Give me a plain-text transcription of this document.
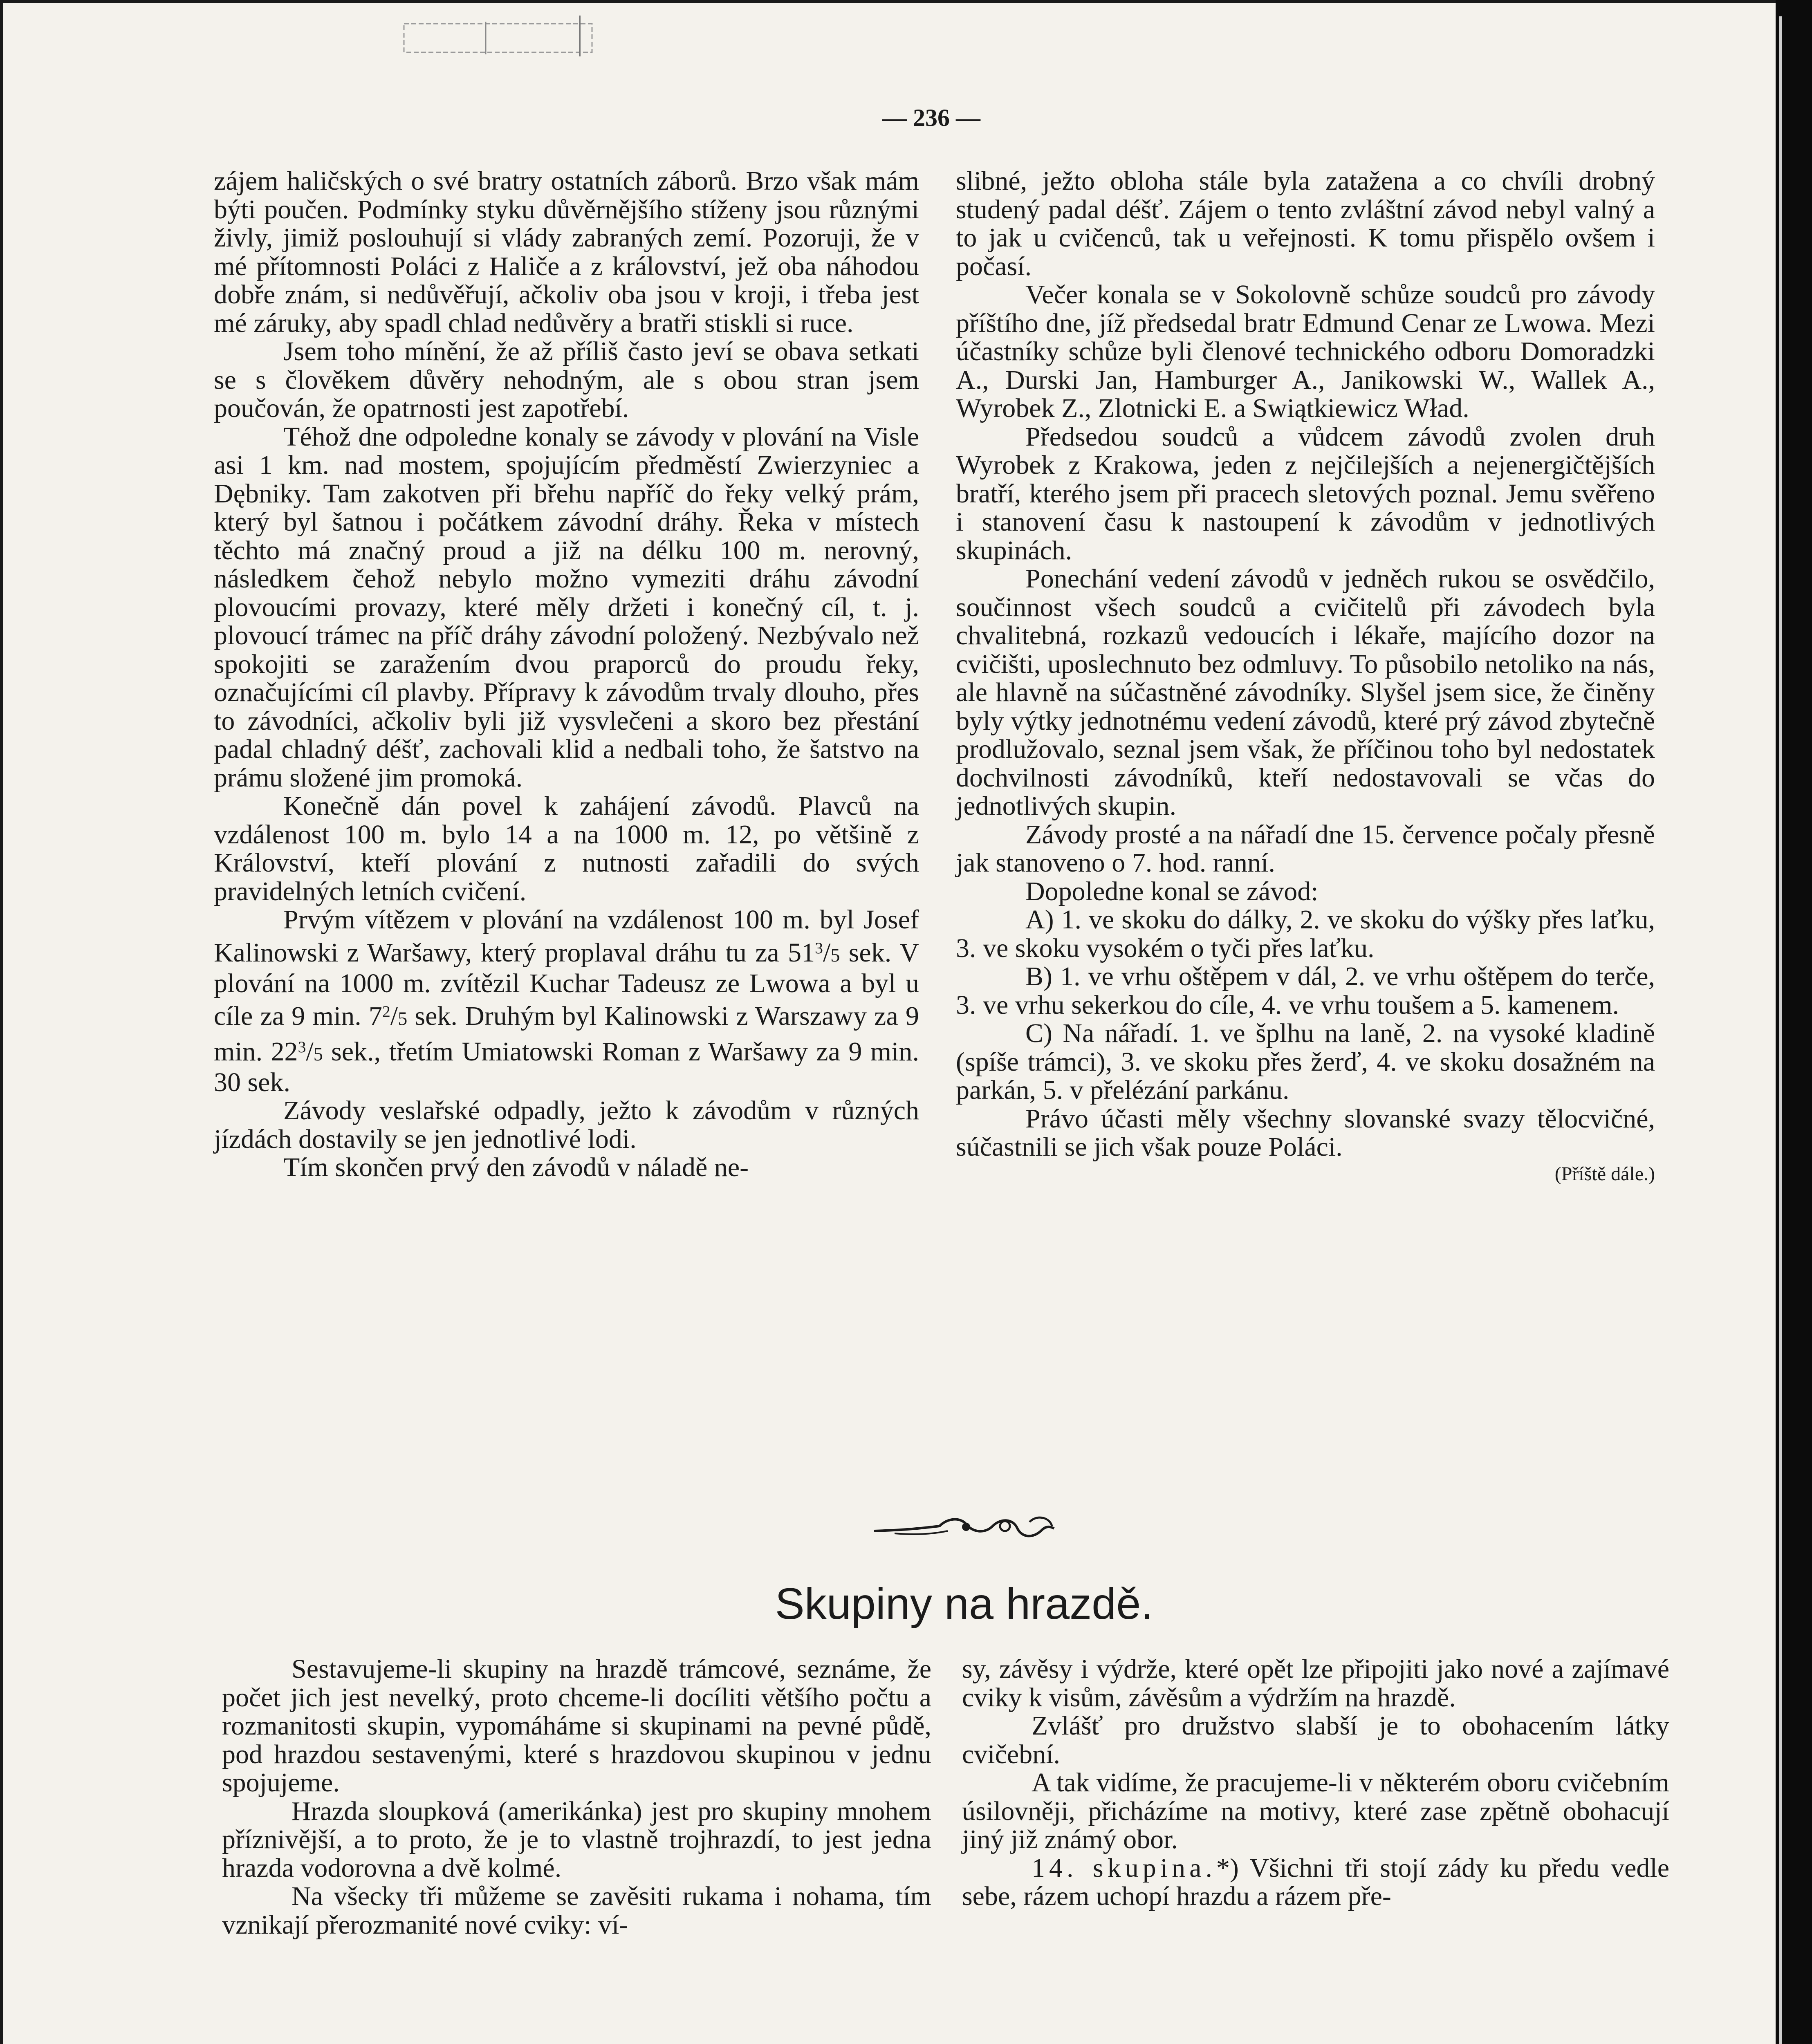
— 236 —

zájem haličských o své bratry ostatních záborů. Brzo však mám býti poučen. Podmínky styku důvěrnějšího stíženy jsou různými živly, jimiž poslouhují si vlády zabraných zemí. Pozoruji, že v mé přítomnosti Poláci z Haliče a z království, jež oba náhodou dobře znám, si nedůvěřují, ačkoliv oba jsou v kroji, i třeba jest mé záruky, aby spadl chlad nedůvěry a bratři stiskli si ruce.

Jsem toho mínění, že až příliš často jeví se obava setkati se s člověkem důvěry nehodným, ale s obou stran jsem poučován, že opatrnosti jest zapotřebí.

Téhož dne odpoledne konaly se závody v plování na Visle asi 1 km. nad mostem, spojujícím předměstí Zwierzyniec a Dębniky. Tam zakotven při břehu napříč do řeky velký prám, který byl šatnou i počátkem závodní dráhy. Řeka v místech těchto má značný proud a již na délku 100 m. nerovný, následkem čehož nebylo možno vymeziti dráhu závodní plovoucími provazy, které měly držeti i konečný cíl, t. j. plovoucí trámec na příč dráhy závodní položený. Nezbývalo než spokojiti se zaražením dvou praporců do proudu řeky, označujícími cíl plavby. Přípravy k závodům trvaly dlouho, přes to závodníci, ačkoliv byli již vysvlečeni a skoro bez přestání padal chladný déšť, zachovali klid a nedbali toho, že šatstvo na prámu složené jim promoká.

Konečně dán povel k zahájení závodů. Plavců na vzdálenost 100 m. bylo 14 a na 1000 m. 12, po většině z Království, kteří plování z nutnosti zařadili do svých pravidelných letních cvičení.

Prvým vítězem v plování na vzdálenost 100 m. byl Josef Kalinowski z Waršawy, který proplaval dráhu tu za $51^3/5$ sek. V plování na 1000 m. zvítězil Kuchar Tadeusz ze Lwowa a byl u cíle za 9 min. $7^2/5$ sek. Druhým byl Kalinowski z Warszawy za 9 min. $22^3/5$ sek., třetím Umiatowski Roman z Waršawy za 9 min. 30 sek.

Závody veslařské odpadly, ježto k závodům v různých jízdách dostavily se jen jednotlivé lodi.

Tím skončen prvý den závodů v náladě ne-

slibné, ježto obloha stále byla zatažena a co chvíli drobný studený padal déšť. Zájem o tento zvláštní závod nebyl valný a to jak u cvičenců, tak u veřejnosti. K tomu přispělo ovšem i počasí.

Večer konala se v Sokolovně schůze soudců pro závody příštího dne, jíž předsedal bratr Edmund Cenar ze Lwowa. Mezi účastníky schůze byli členové technického odboru Domoradzki A., Durski Jan, Hamburger A., Janikowski W., Wallek A., Wyrobek Z., Zlotnicki E. a Swiątkiewicz Wład.

Předsedou soudců a vůdcem závodů zvolen druh Wyrobek z Krakowa, jeden z nejčilejších a nejenergičtějších bratří, kterého jsem při pracech sletových poznal. Jemu svěřeno i stanovení času k nastoupení k závodům v jednotlivých skupinách.

Ponechání vedení závodů v jedněch rukou se osvědčilo, součinnost všech soudců a cvičitelů při závodech byla chvalitebná, rozkazů vedoucích i lékaře, majícího dozor na cvičišti, uposlechnuto bez odmluvy. To působilo netoliko na nás, ale hlavně na súčastněné závodníky. Slyšel jsem sice, že činěny byly výtky jednotnému vedení závodů, které prý závod zbytečně prodlužovalo, seznal jsem však, že příčinou toho byl nedostatek dochvilnosti závodníků, kteří nedostavovali se včas do jednotlivých skupin.

Závody prosté a na nářadí dne 15. července počaly přesně jak stanoveno o 7. hod. ranní.

Dopoledne konal se závod:

A) 1. ve skoku do dálky, 2. ve skoku do výšky přes laťku, 3. ve skoku vysokém o tyči přes laťku.

B) 1. ve vrhu oštěpem v dál, 2. ve vrhu oštěpem do terče, 3. ve vrhu sekerkou do cíle, 4. ve vrhu toušem a 5. kamenem.

C) Na nářadí. 1. ve šplhu na laně, 2. na vysoké kladině (spíše trámci), 3. ve skoku přes žerď, 4. ve skoku dosažném na parkán, 5. v přelézání parkánu.

Právo účasti měly všechny slovanské svazy tělocvičné, súčastnili se jich však pouze Poláci.

(Příště dále.)

Skupiny na hrazdě.

Sestavujeme-li skupiny na hrazdě trámcové, seznáme, že počet jich jest nevelký, proto chceme-li docíliti většího počtu a rozmanitosti skupin, vypomáháme si skupinami na pevné půdě, pod hrazdou sestavenými, které s hrazdovou skupinou v jednu spojujeme.

Hrazda sloupková (amerikánka) jest pro skupiny mnohem příznivější, a to proto, že je to vlastně trojhrazdí, to jest jedna hrazda vodorovna a dvě kolmé.

Na všecky tři můžeme se zavěsiti rukama i nohama, tím vznikají přerozmanité nové cviky: ví-

sy, závěsy i výdrže, které opět lze připojiti jako nové a zajímavé cviky k visům, závěsům a výdržím na hrazdě.

Zvlášť pro družstvo slabší je to obohacením látky cvičební.

A tak vidíme, že pracujeme-li v některém oboru cvičebním úsilovněji, přicházíme na motivy, které zase zpětně obohacují jiný již známý obor.

14. skupina.*) Všichni tři stojí zády ku předu vedle sebe, rázem uchopí hrazdu a rázem pře-
